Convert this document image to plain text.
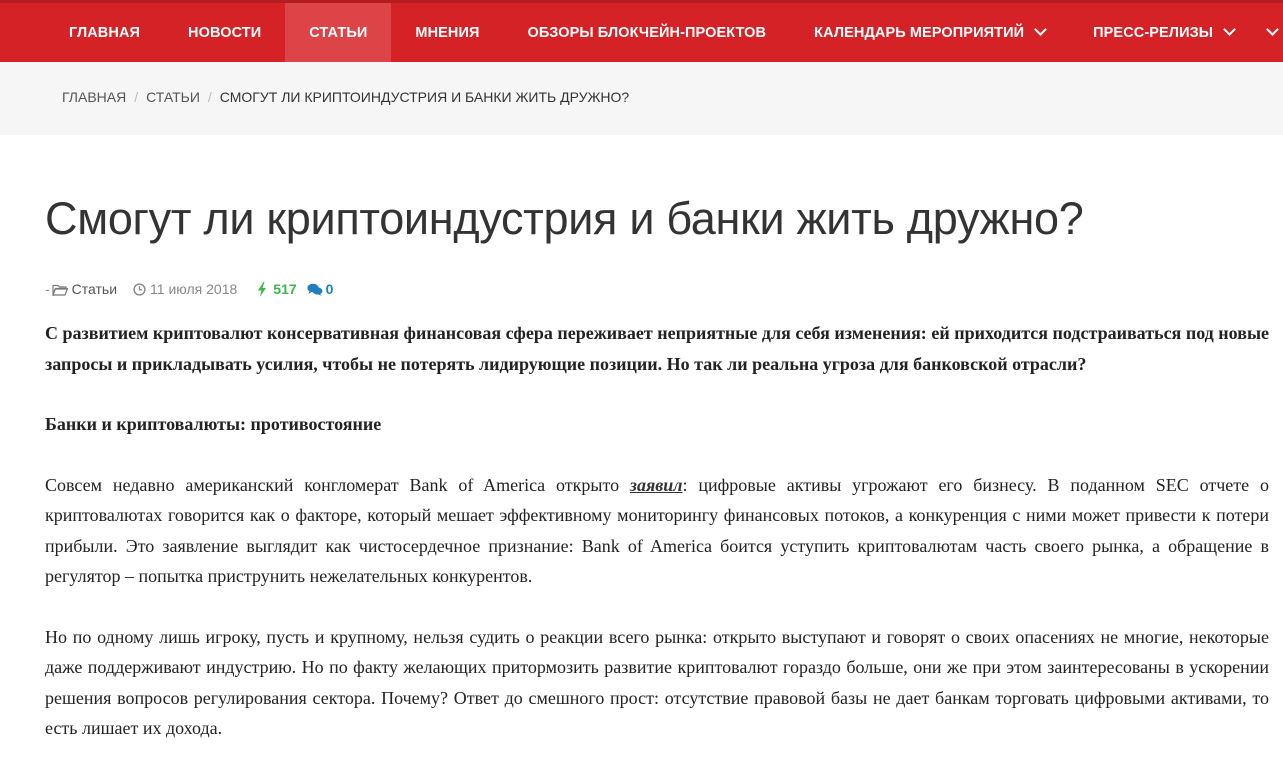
ГЛАВНАЯ	НОВОСТИ	СТАТЬИ	МНЕНИЯ	ОБЗОРЫ БЛОКЧЕЙН-ПРОЕКТОВ	КАЛЕНДАРЬ МЕРОПРИЯТИЙ	ПРЕСС-РЕЛИЗЫ
ГЛАВНАЯ / СТАТЬИ / СМОГУТ ЛИ КРИПТОИНДУСТРИЯ И БАНКИ ЖИТЬ ДРУЖНО?
Смогут ли криптоиндустрия и банки жить дружно?
- Статьи 11 июля 2018	517 0

С развитием криптовалют консервативная финансовая сфера переживает неприятные для себя изменения: ей приходится подстраиваться под новые запросы и прикладывать усилия, чтобы не потерять лидирующие позиции. Но так ли реальна угроза для банковской отрасли?

Банки и криптовалюты: противостояние

Совсем недавно американский конгломерат Bank of America открыто заявил: цифровые активы угрожают его бизнесу. В поданном SEC отчете о криптовалютах говорится как о факторе, который мешает эффективному мониторингу финансовых потоков, а конкуренция с ними может привести к потери прибыли. Это заявление выглядит как чистосердечное признание: Bank of America боится уступить криптовалютам часть своего рынка, а обращение в регулятор – попытка приструнить нежелательных конкурентов.

Но по одному лишь игроку, пусть и крупному, нельзя судить о реакции всего рынка: открыто выступают и говорят о своих опасениях не многие, некоторые даже поддерживают индустрию. Но по факту желающих притормозить развитие криптовалют гораздо больше, они же при этом заинтересованы в ускорении решения вопросов регулирования сектора. Почему? Ответ до смешного прост: отсутствие правовой базы не дает банкам торговать цифровыми активами, то есть лишает их дохода.
